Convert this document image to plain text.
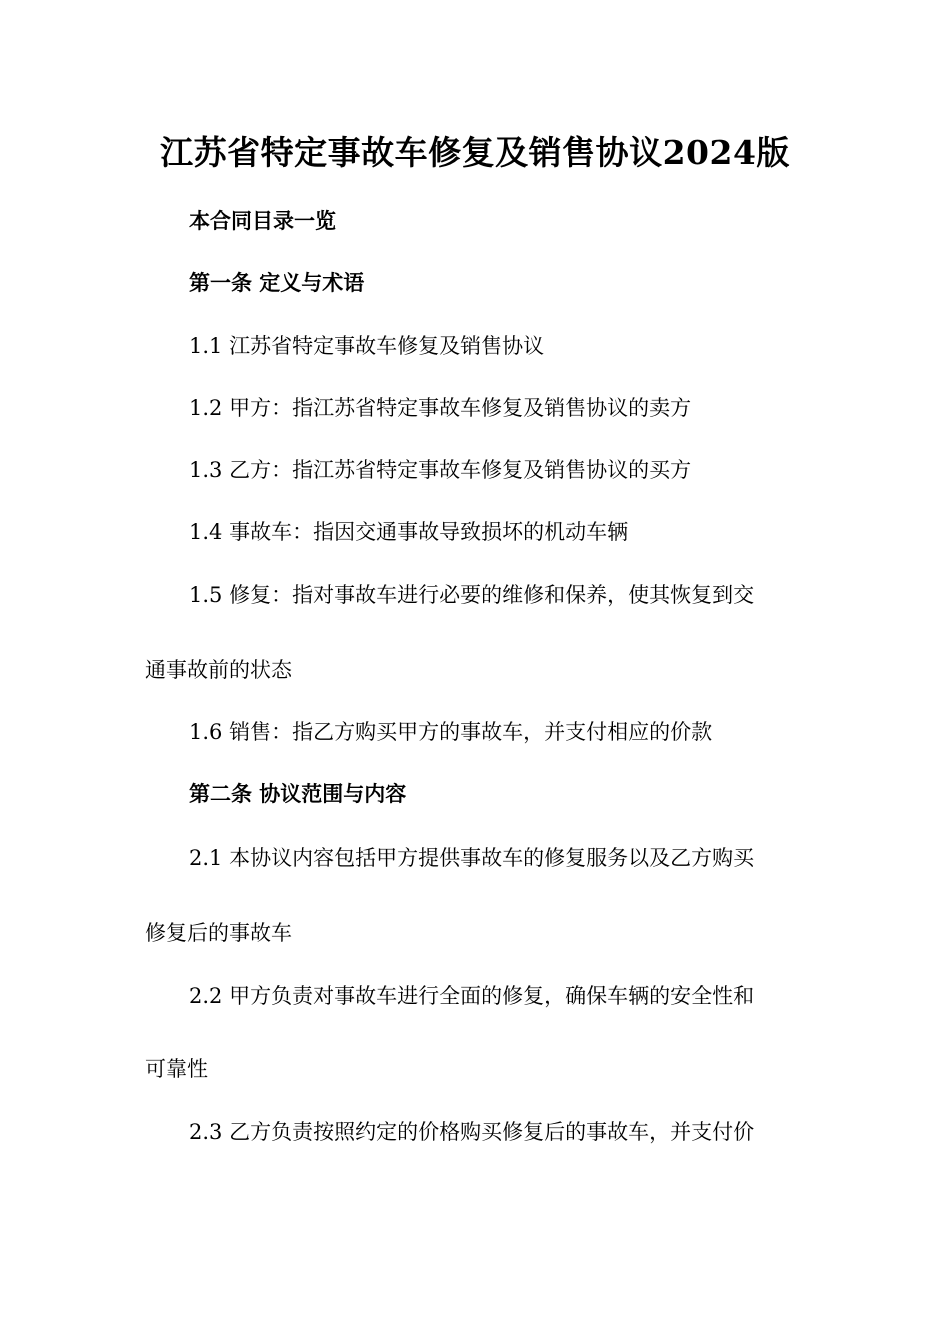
江苏省特定事故车修复及销售协议2024版

本合同目录一览

第一条 定义与术语

1.1 江苏省特定事故车修复及销售协议

1.2 甲方：指江苏省特定事故车修复及销售协议的卖方

1.3 乙方：指江苏省特定事故车修复及销售协议的买方

1.4 事故车：指因交通事故导致损坏的机动车辆

1.5 修复：指对事故车进行必要的维修和保养，使其恢复到交

通事故前的状态

1.6 销售：指乙方购买甲方的事故车，并支付相应的价款

第二条 协议范围与内容

2.1 本协议内容包括甲方提供事故车的修复服务以及乙方购买

修复后的事故车

2.2 甲方负责对事故车进行全面的修复，确保车辆的安全性和

可靠性

2.3 乙方负责按照约定的价格购买修复后的事故车，并支付价
